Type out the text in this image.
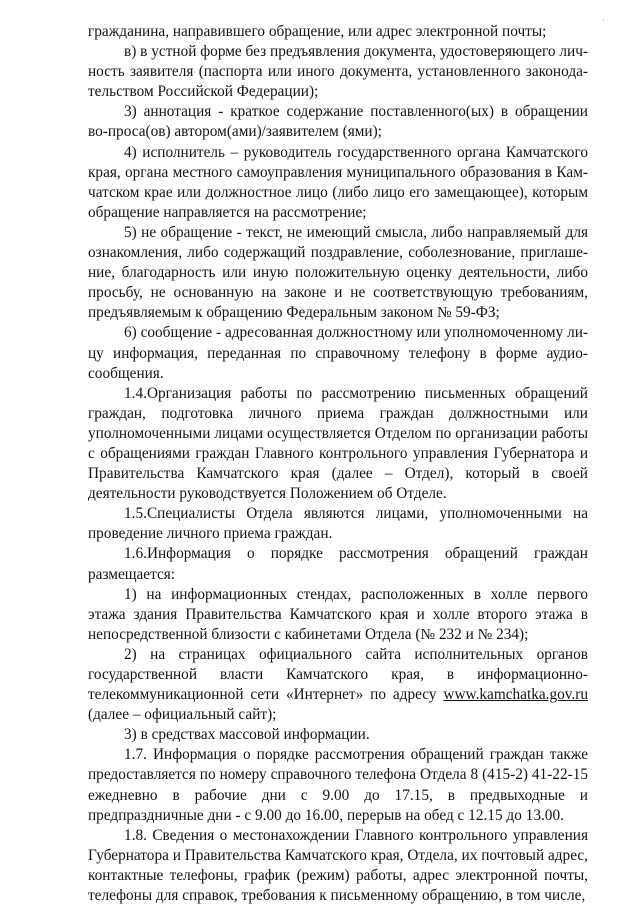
·

гражданина, направившего обращение, или адрес электронной почты;

в) в устной форме без предъявления документа, удостоверяющего лич-ность заявителя (паспорта или иного документа, установленного законода-тельством Российской Федерации);

3) аннотация - краткое содержание поставленного(ых) в обращении во-проса(ов) автором(ами)/заявителем (ями);

4) исполнитель – руководитель государственного органа Камчатского края, органа местного самоуправления муниципального образования в Кам-чатском крае или должностное лицо (либо лицо его замещающее), которым обращение направляется на рассмотрение;

5) не обращение - текст, не имеющий смысла, либо направляемый для ознакомления, либо содержащий поздравление, соболезнование, приглаше-ние, благодарность или иную положительную оценку деятельности, либо просьбу, не основанную на законе и не соответствующую требованиям, предъявляемым к обращению Федеральным законом № 59-ФЗ;

6) сообщение - адресованная должностному или уполномоченному ли-цу информация, переданная по справочному телефону в форме аудио-сообщения.

1.4.Организация работы по рассмотрению письменных обращений граждан, подготовка личного приема граждан должностными или уполномоченными лицами осуществляется Отделом по организации работы с обращениями граждан Главного контрольного управления Губернатора и Правительства Камчатского края (далее – Отдел), который в своей деятельности руководствуется Положением об Отделе.

1.5.Специалисты Отдела являются лицами, уполномоченными на проведение личного приема граждан.

1.6.Информация о порядке рассмотрения обращений граждан размещается:

1) на информационных стендах, расположенных в холле первого этажа здания Правительства Камчатского края и холле второго этажа в непосредственной близости с кабинетами Отдела (№ 232 и № 234);

2) на страницах официального сайта исполнительных органов государственной власти Камчатского края, в информационно-телекоммуникационной сети «Интернет» по адресу www.kamchatka.gov.ru (далее – официальный сайт);

3) в средствах массовой информации.

1.7. Информация о порядке рассмотрения обращений граждан также предоставляется по номеру справочного телефона Отдела 8 (415-2) 41-22-15 ежедневно в рабочие дни с 9.00 до 17.15, в предвыходные и предпраздничные дни - с 9.00 до 16.00, перерыв на обед с 12.15 до 13.00.

1.8. Сведения о местонахождении Главного контрольного управления Губернатора и Правительства Камчатского края, Отдела, их почтовый адрес, контактные телефоны, график (режим) работы, адрес электронной почты, телефоны для справок, требования к письменному обращению, в том числе,
